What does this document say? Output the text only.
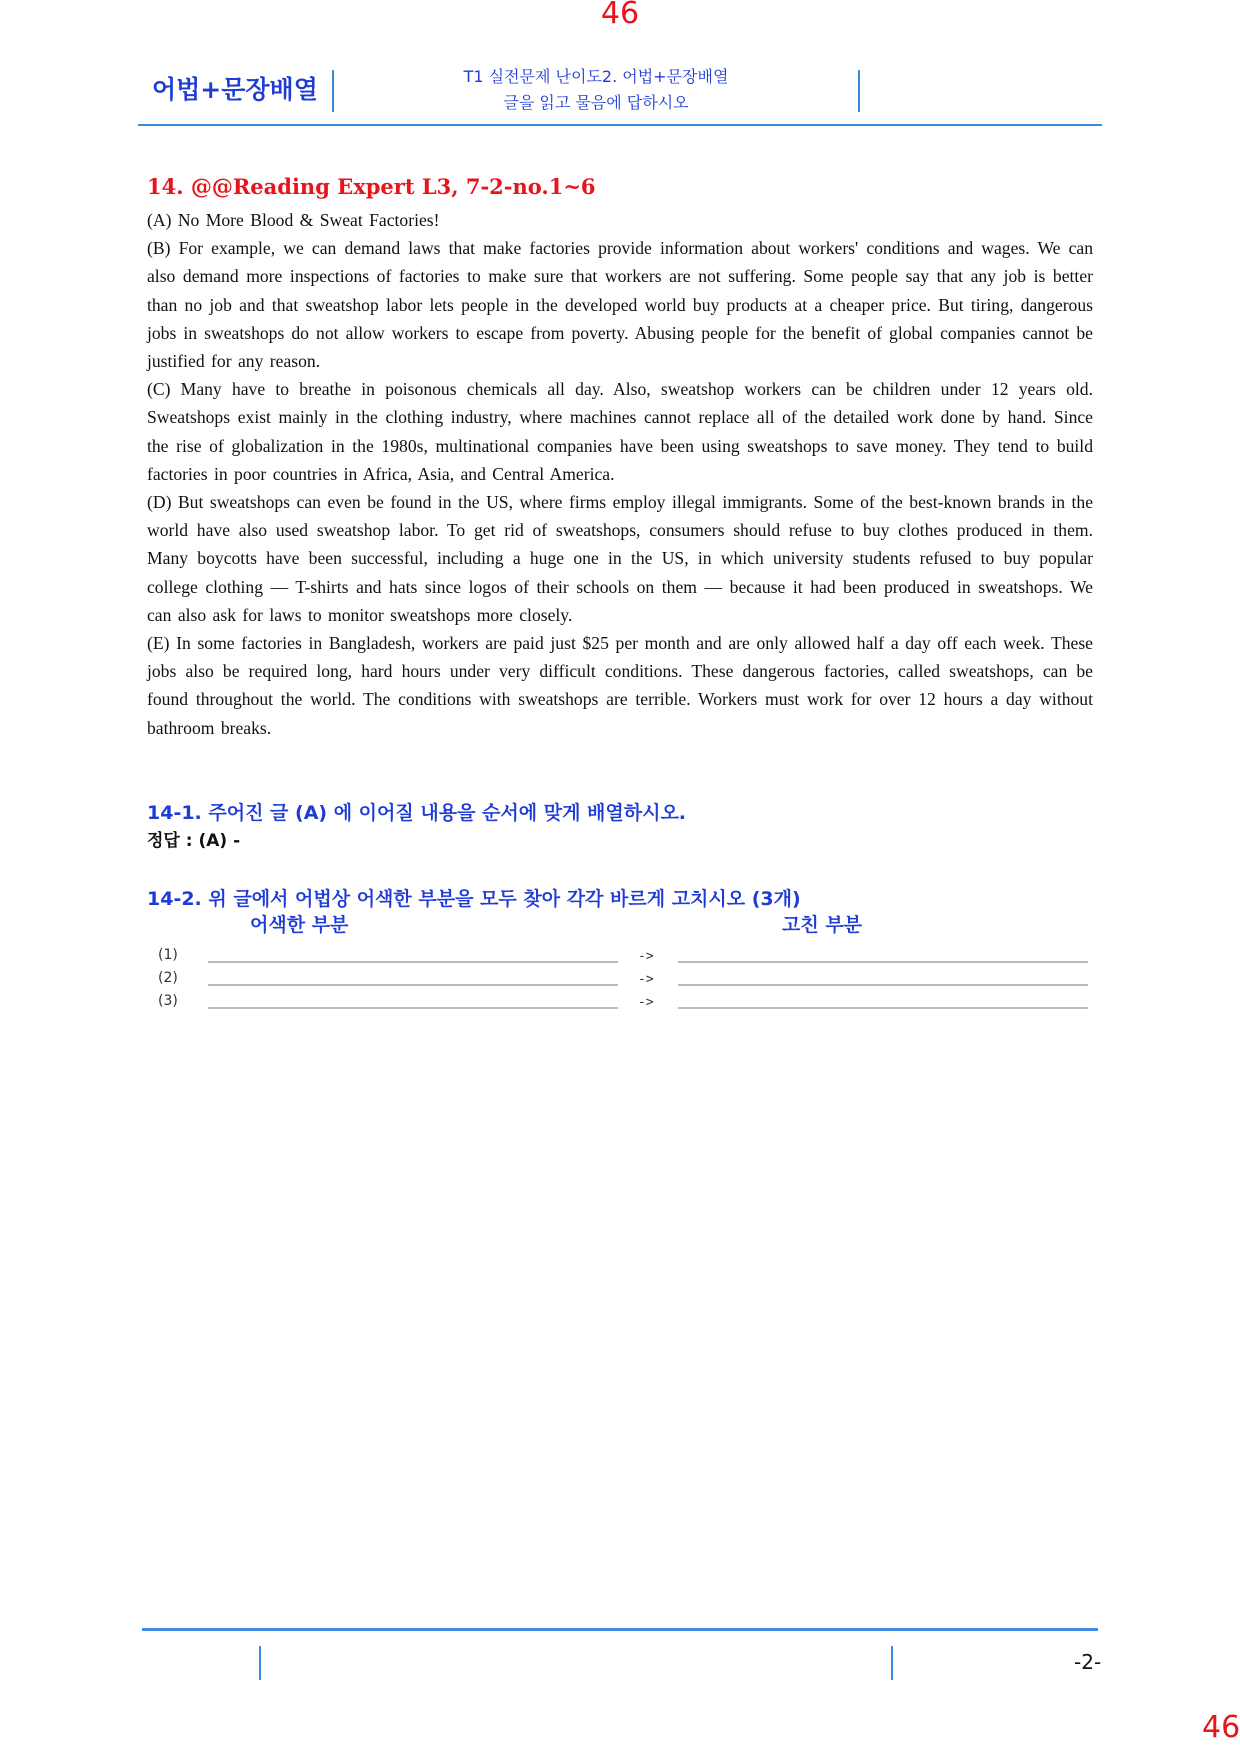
46
어법+문장배열	T1 실전문제 난이도2. 어법+문장배열
글을 읽고 물음에 답하시오
14. @@Reading Expert L3, 7-2-no.1~6

(A) No More Blood & Sweat Factories!

(B) For example, we can demand laws that make factories provide information about workers' conditions and wages. We can also demand more inspections of factories to make sure that workers are not suffering. Some people say that any job is better than no job and that sweatshop labor lets people in the developed world buy products at a cheaper price. But tiring, dangerous jobs in sweatshops do not allow workers to escape from poverty. Abusing people for the benefit of global companies cannot be justified for any reason.

(C) Many have to breathe in poisonous chemicals all day. Also, sweatshop workers can be children under 12 years old. Sweatshops exist mainly in the clothing industry, where machines cannot replace all of the detailed work done by hand. Since the rise of globalization in the 1980s, multinational companies have been using sweatshops to save money. They tend to build factories in poor countries in Africa, Asia, and Central America.

(D) But sweatshops can even be found in the US, where firms employ illegal immigrants. Some of the best-known brands in the world have also used sweatshop labor. To get rid of sweatshops, consumers should refuse to buy clothes produced in them. Many boycotts have been successful, including a huge one in the US, in which university students refused to buy popular college clothing — T-shirts and hats since logos of their schools on them — because it had been produced in sweatshops. We can also ask for laws to monitor sweatshops more closely.

(E) In some factories in Bangladesh, workers are paid just $25 per month and are only allowed half a day off each week. These jobs also be required long, hard hours under very difficult conditions. These dangerous factories, called sweatshops, can be found throughout the world. The conditions with sweatshops are terrible. Workers must work for over 12 hours a day without bathroom breaks.

14-1. 주어진 글 (A) 에 이어질 내용을 순서에 맞게 배열하시오.
정답 : (A) -
14-2. 위 글에서 어법상 어색한 부분을 모두 찾아 각각 바르게 고치시오 (3개)
어색한 부분	고친 부분
(1)	->
(2)	->
(3)	->
-2-
46
